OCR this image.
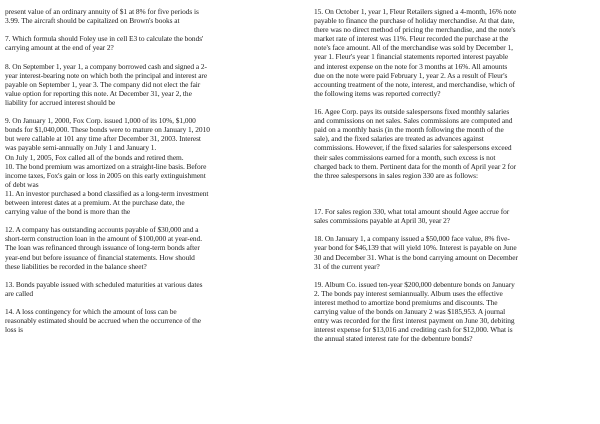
present value of an ordinary annuity of $1 at 8% for five periods is
3.99. The aircraft should be capitalized on Brown's books at
7. Which formula should Foley use in cell E3 to calculate the bonds'
carrying amount at the end of year 2?
8. On September 1, year 1, a company borrowed cash and signed a 2-
year interest-bearing note on which both the principal and interest are
payable on September 1, year 3. The company did not elect the fair
value option for reporting this note. At December 31, year 2, the
liability for accrued interest should be
9. On January 1, 2000, Fox Corp. issued 1,000 of its 10%, $1,000
bonds for $1,040,000. These bonds were to mature on January 1, 2010
but were callable at 101 any time after December 31, 2003. Interest
was payable semi-annually on July 1 and January 1.
On July 1, 2005, Fox called all of the bonds and retired them.
10. The bond premium was amortized on a straight-line basis. Before
income taxes, Fox's gain or loss in 2005 on this early extinguishment
of debt was
11. An investor purchased a bond classified as a long-term investment
between interest dates at a premium. At the purchase date, the
carrying value of the bond is more than the
12. A company has outstanding accounts payable of $30,000 and a
short-term construction loan in the amount of $100,000 at year-end.
The loan was refinanced through issuance of long-term bonds after
year-end but before issuance of financial statements. How should
these liabilities be recorded in the balance sheet?
13. Bonds payable issued with scheduled maturities at various dates
are called
14. A loss contingency for which the amount of loss can be
reasonably estimated should be accrued when the occurrence of the
loss is
15. On October 1, year 1, Fleur Retailers signed a 4-month, 16% note
payable to finance the purchase of holiday merchandise. At that date,
there was no direct method of pricing the merchandise, and the note's
market rate of interest was 11%. Fleur recorded the purchase at the
note's face amount. All of the merchandise was sold by December 1,
year 1. Fleur's year 1 financial statements reported interest payable
and interest expense on the note for 3 months at 16%. All amounts
due on the note were paid February 1, year 2. As a result of Fleur's
accounting treatment of the note, interest, and merchandise, which of
the following items was reported correctly?
16. Agee Corp. pays its outside salespersons fixed monthly salaries
and commissions on net sales. Sales commissions are computed and
paid on a monthly basis (in the month following the month of the
sale), and the fixed salaries are treated as advances against
commissions. However, if the fixed salaries for salespersons exceed
their sales commissions earned for a month, such excess is not
charged back to them. Pertinent data for the month of April year 2 for
the three salespersons in sales region 330 are as follows:
17. For sales region 330, what total amount should Agee accrue for
sales commissions payable at April 30, year 2?
18. On January 1, a company issued a $50,000 face value, 8% five-
year bond for $46,139 that will yield 10%. Interest is payable on June
30 and December 31. What is the bond carrying amount on December
31 of the current year?
19. Album Co. issued ten-year $200,000 debenture bonds on January
2. The bonds pay interest semiannually. Album uses the effective
interest method to amortize bond premiums and discounts. The
carrying value of the bonds on January 2 was $185,953. A journal
entry was recorded for the first interest payment on June 30, debiting
interest expense for $13,016 and crediting cash for $12,000. What is
the annual stated interest rate for the debenture bonds?
